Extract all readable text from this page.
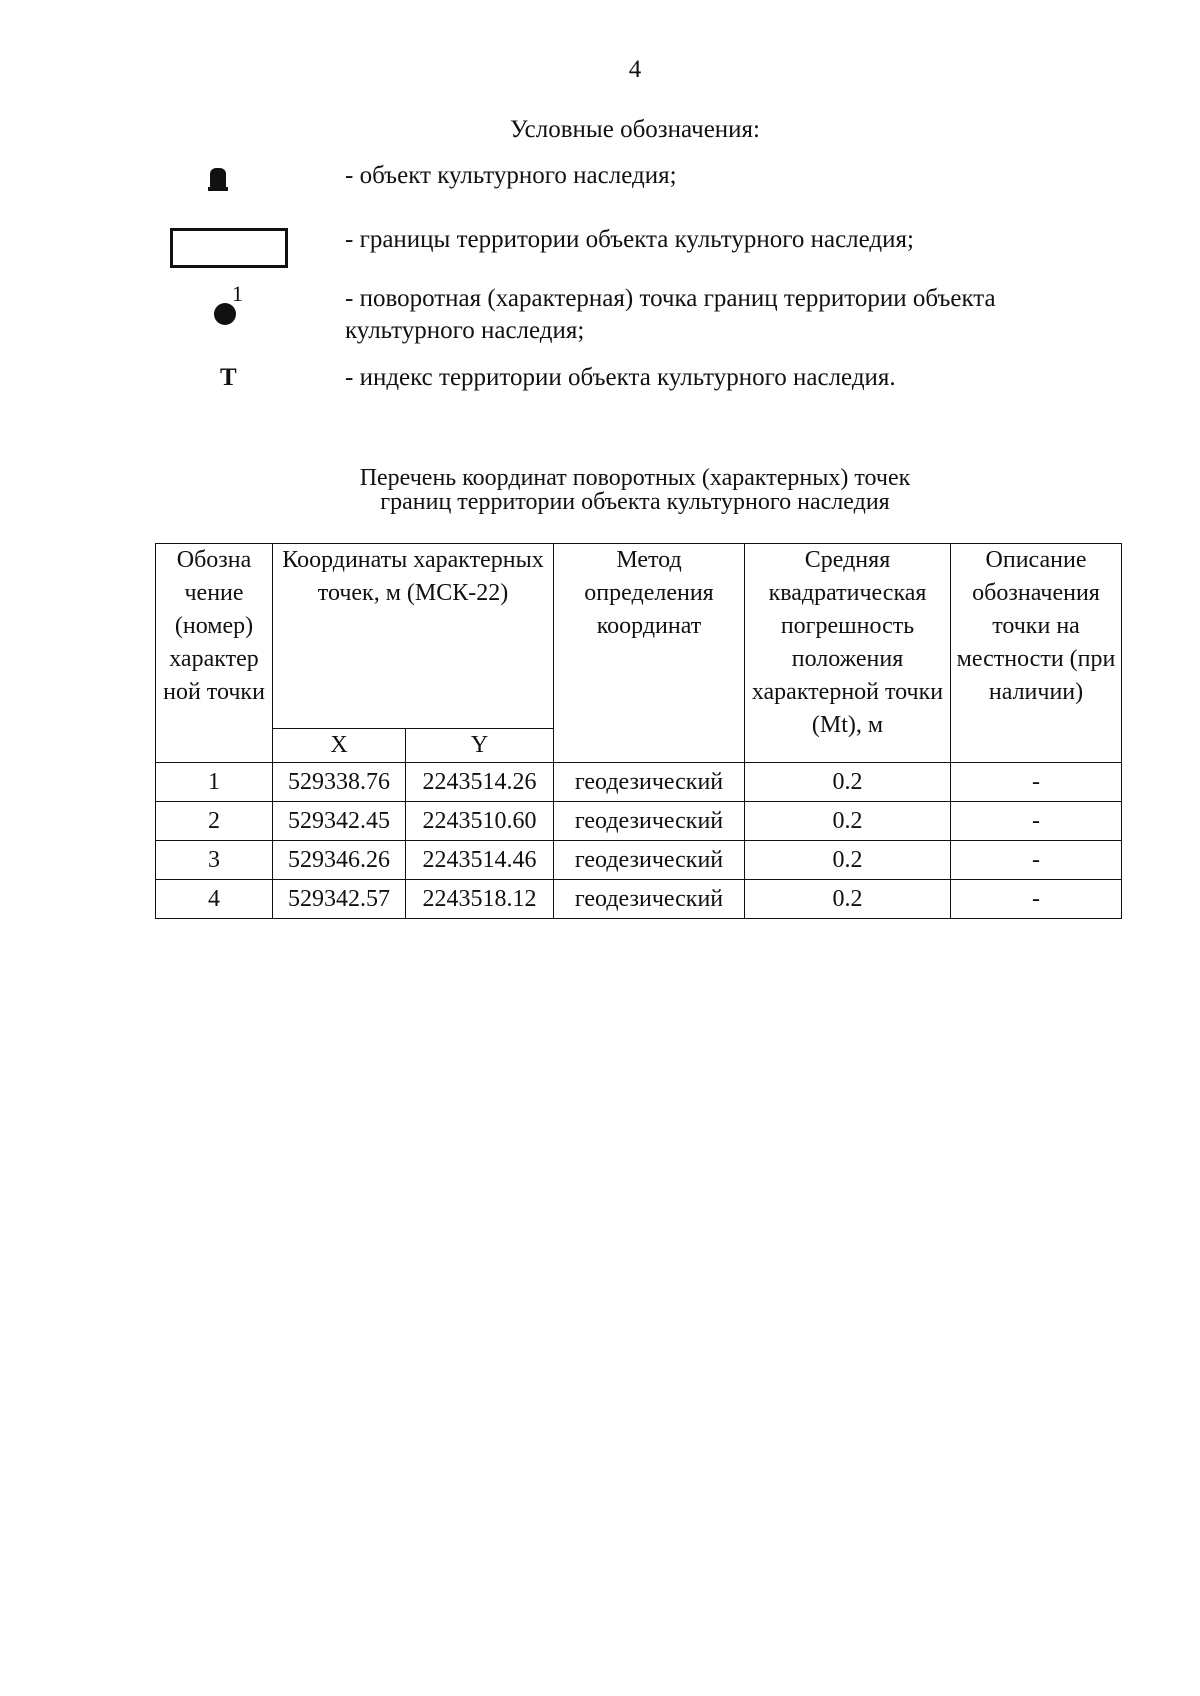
4
Условные обозначения:
- объект культурного наследия;
- границы территории объекта культурного наследия;
1	- поворотная (характерная) точка границ территории объекта культурного наследия;
Т	- индекс территории объекта культурного наследия.
Перечень координат поворотных (характерных) точек
границ территории объекта культурного наследия
Обозна чение (номер) характер ной точки	Координаты характерных точек, м (МСК-22)		Метод определения координат	Средняя квадратическая погрешность положения характерной точки (Mt), м	Описание обозначения точки на местности (при наличии)
	X	Y			
1	529338.76	2243514.26	геодезический	0.2	-
2	529342.45	2243510.60	геодезический	0.2	-
3	529346.26	2243514.46	геодезический	0.2	-
4	529342.57	2243518.12	геодезический	0.2	-
